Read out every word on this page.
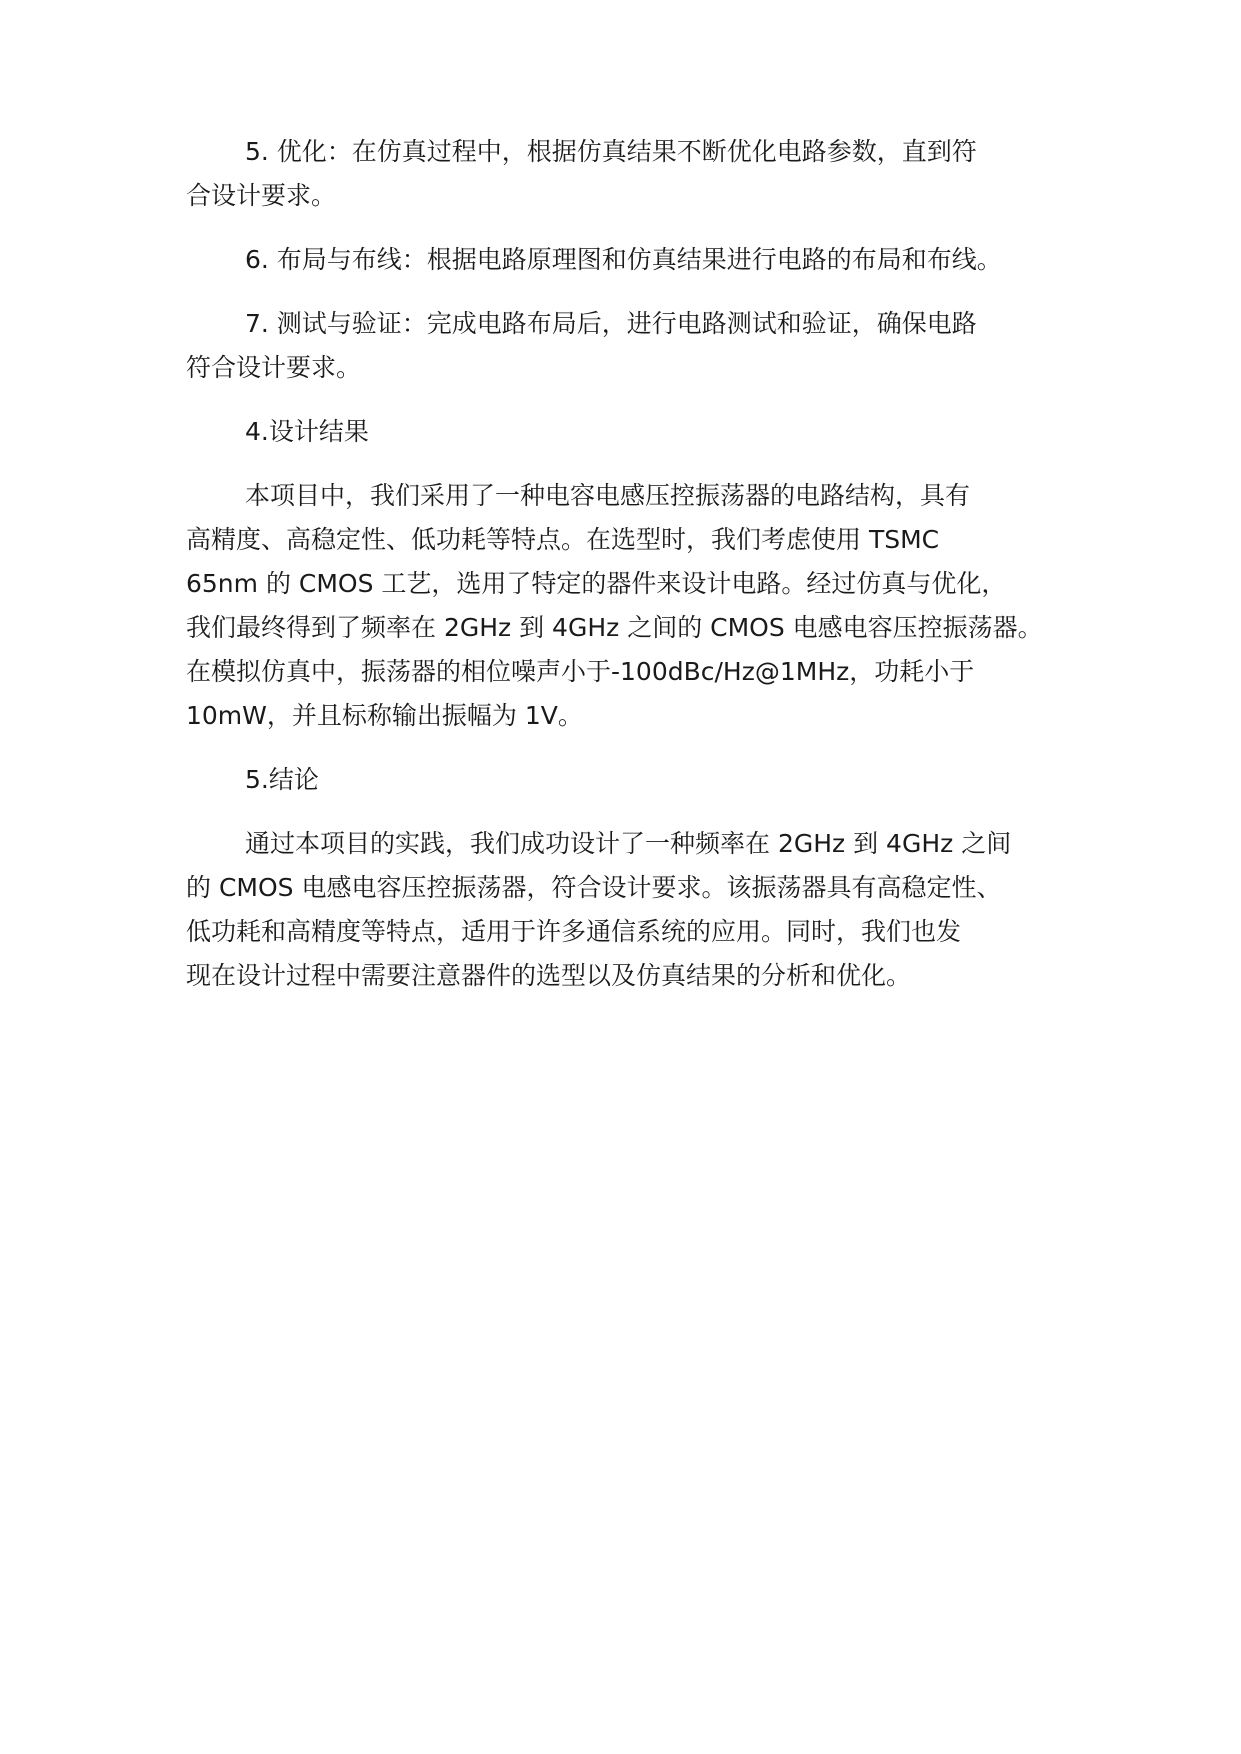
5. 优化：在仿真过程中，根据仿真结果不断优化电路参数，直到符
合设计要求。
6. 布局与布线：根据电路原理图和仿真结果进行电路的布局和布线。
7. 测试与验证：完成电路布局后，进行电路测试和验证，确保电路
符合设计要求。
4.设计结果
本项目中，我们采用了一种电容电感压控振荡器的电路结构，具有
高精度、高稳定性、低功耗等特点。在选型时，我们考虑使用 TSMC
65nm 的 CMOS 工艺，选用了特定的器件来设计电路。经过仿真与优化，
我们最终得到了频率在 2GHz 到 4GHz 之间的 CMOS 电感电容压控振荡器。
在模拟仿真中，振荡器的相位噪声小于-100dBc/Hz@1MHz，功耗小于
10mW，并且标称输出振幅为 1V。
5.结论
通过本项目的实践，我们成功设计了一种频率在 2GHz 到 4GHz 之间
的 CMOS 电感电容压控振荡器，符合设计要求。该振荡器具有高稳定性、
低功耗和高精度等特点，适用于许多通信系统的应用。同时，我们也发
现在设计过程中需要注意器件的选型以及仿真结果的分析和优化。
